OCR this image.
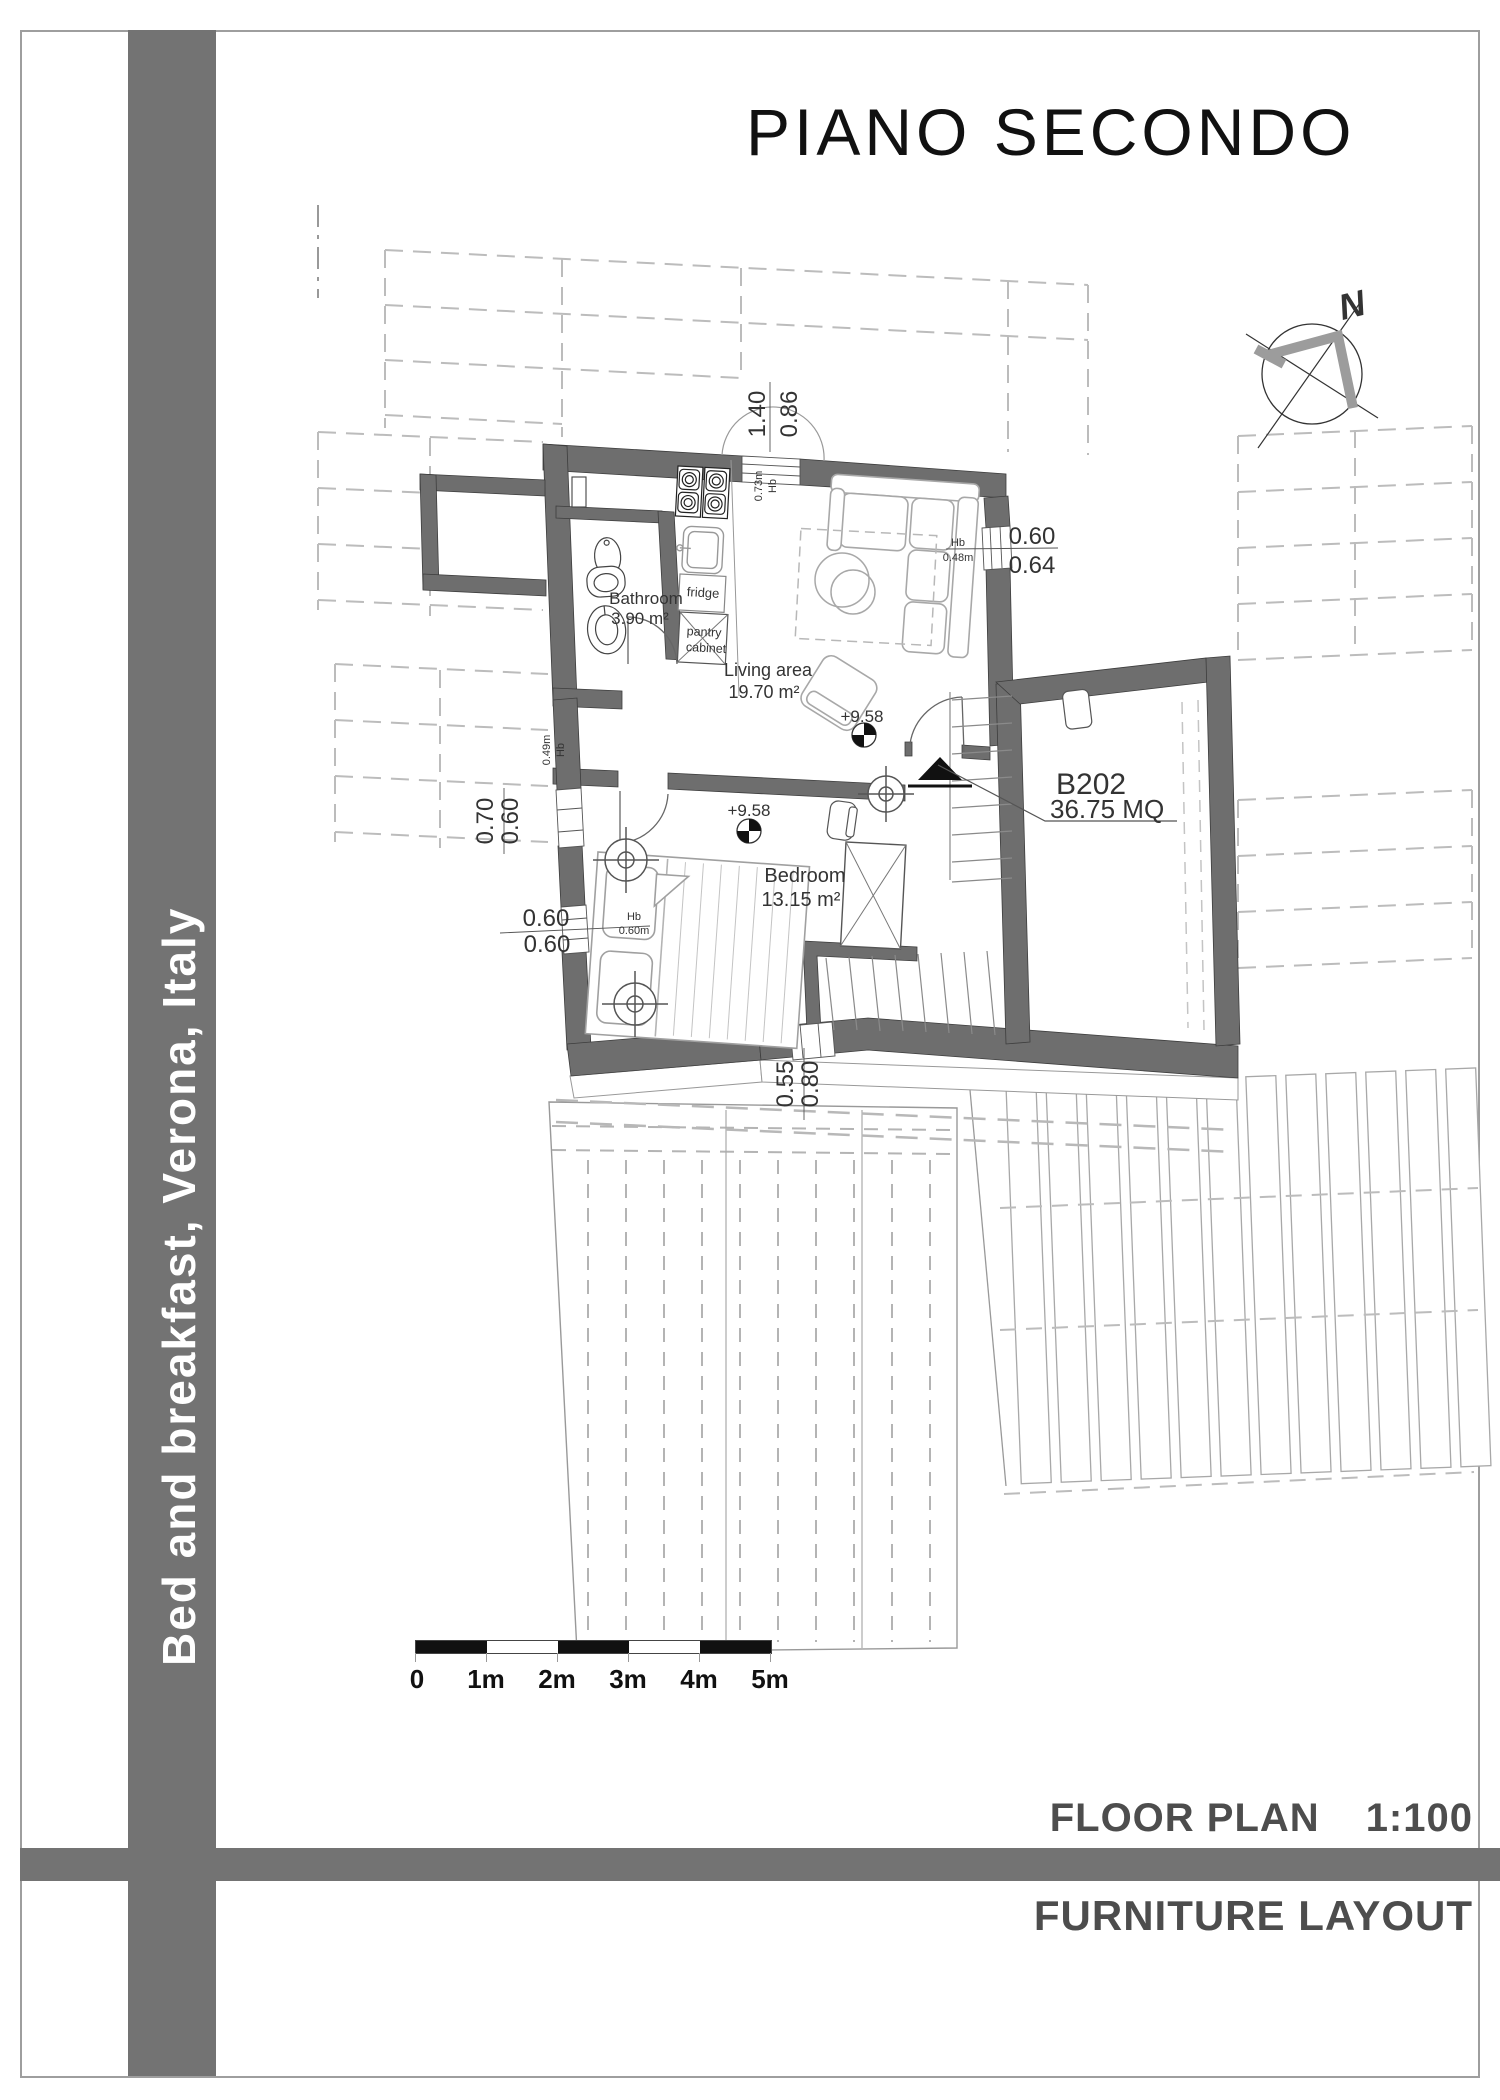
Bed and breakfast, Verona, Italy
PIANO SECONDO
1.40 0.86
0.60
0.64
0.60
0.70
0.60
0.60
0.80
0.55
Hb
0.73m
Hb
0.48m
Hb
0.49m
Hb
0.60m
Bathroom
3.90 m²
Living area
19.70 m²
Bedroom
13.15 m²
fridge
pantry
cabinet
+9.58
+9.58
B202
36.75 MQ
N
0 1m 2m 3m 4m 5m
FLOOR PLAN 1:100
FURNITURE LAYOUT
